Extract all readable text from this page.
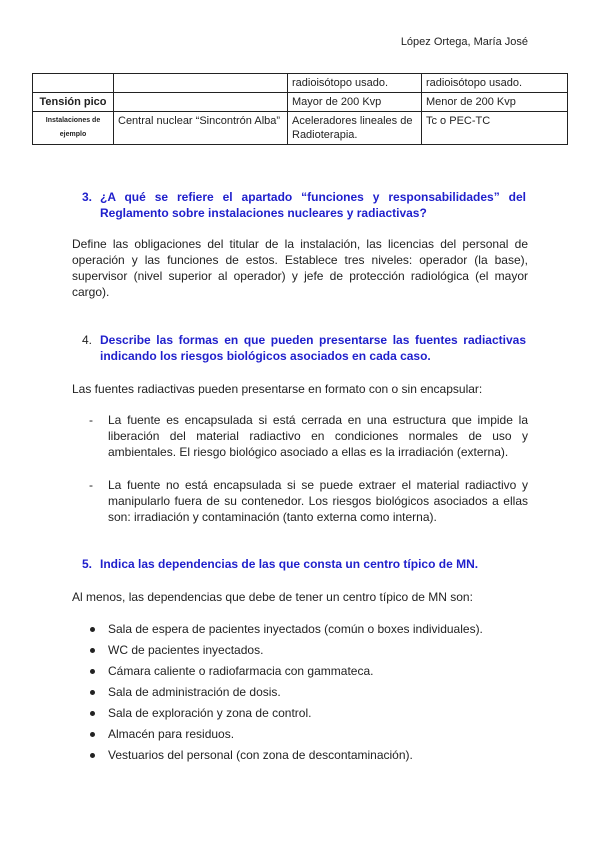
López Ortega, María José
		radioisótopo usado.	radioisótopo usado.
Tensión pico		Mayor de 200 Kvp	Menor de 200 Kvp
Instalaciones de ejemplo	Central nuclear “Sincontrón Alba”	Aceleradores lineales de Radioterapia.	Tc o PEC-TC
3. ¿A qué se refiere el apartado “funciones y responsabilidades” del Reglamento sobre instalaciones nucleares y radiactivas?
Define las obligaciones del titular de la instalación, las licencias del personal de operación y las funciones de estos. Establece tres niveles: operador (la base), supervisor (nivel superior al operador) y jefe de protección radiológica (el mayor cargo).
4. Describe las formas en que pueden presentarse las fuentes radiactivas indicando los riesgos biológicos asociados en cada caso.
Las fuentes radiactivas pueden presentarse en formato con o sin encapsular:
- La fuente es encapsulada si está cerrada en una estructura que impide la liberación del material radiactivo en condiciones normales de uso y ambientales. El riesgo biológico asociado a ellas es la irradiación (externa).
- La fuente no está encapsulada si se puede extraer el material radiactivo y manipularlo fuera de su contenedor. Los riesgos biológicos asociados a ellas son: irradiación y contaminación (tanto externa como interna).
5. Indica las dependencias de las que consta un centro típico de MN.
Al menos, las dependencias que debe de tener un centro típico de MN son:
Sala de espera de pacientes inyectados (común o boxes individuales).
WC de pacientes inyectados.
Cámara caliente o radiofarmacia con gammateca.
Sala de administración de dosis.
Sala de exploración y zona de control.
Almacén para residuos.
Vestuarios del personal (con zona de descontaminación).
